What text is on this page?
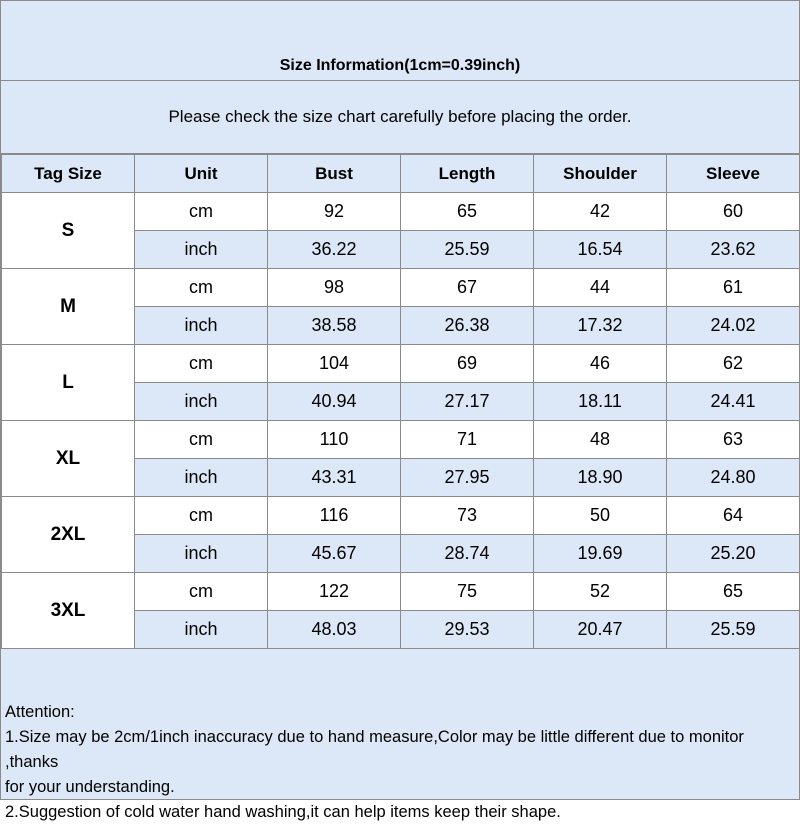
Size Information(1cm=0.39inch)
Please check the size chart carefully before placing the order.
Tag Size	Unit	Bust	Length	Shoulder	Sleeve
S	cm	92	65	42	60
	inch	36.22	25.59	16.54	23.62
M	cm	98	67	44	61
	inch	38.58	26.38	17.32	24.02
L	cm	104	69	46	62
	inch	40.94	27.17	18.11	24.41
XL	cm	110	71	48	63
	inch	43.31	27.95	18.90	24.80
2XL	cm	116	73	50	64
	inch	45.67	28.74	19.69	25.20
3XL	cm	122	75	52	65
	inch	48.03	29.53	20.47	25.59
Attention:
1.Size may be 2cm/1inch inaccuracy due to hand measure,Color may be little different due to monitor ,thanks
for your understanding.
2.Suggestion of cold water hand washing,it can help items keep their shape.
